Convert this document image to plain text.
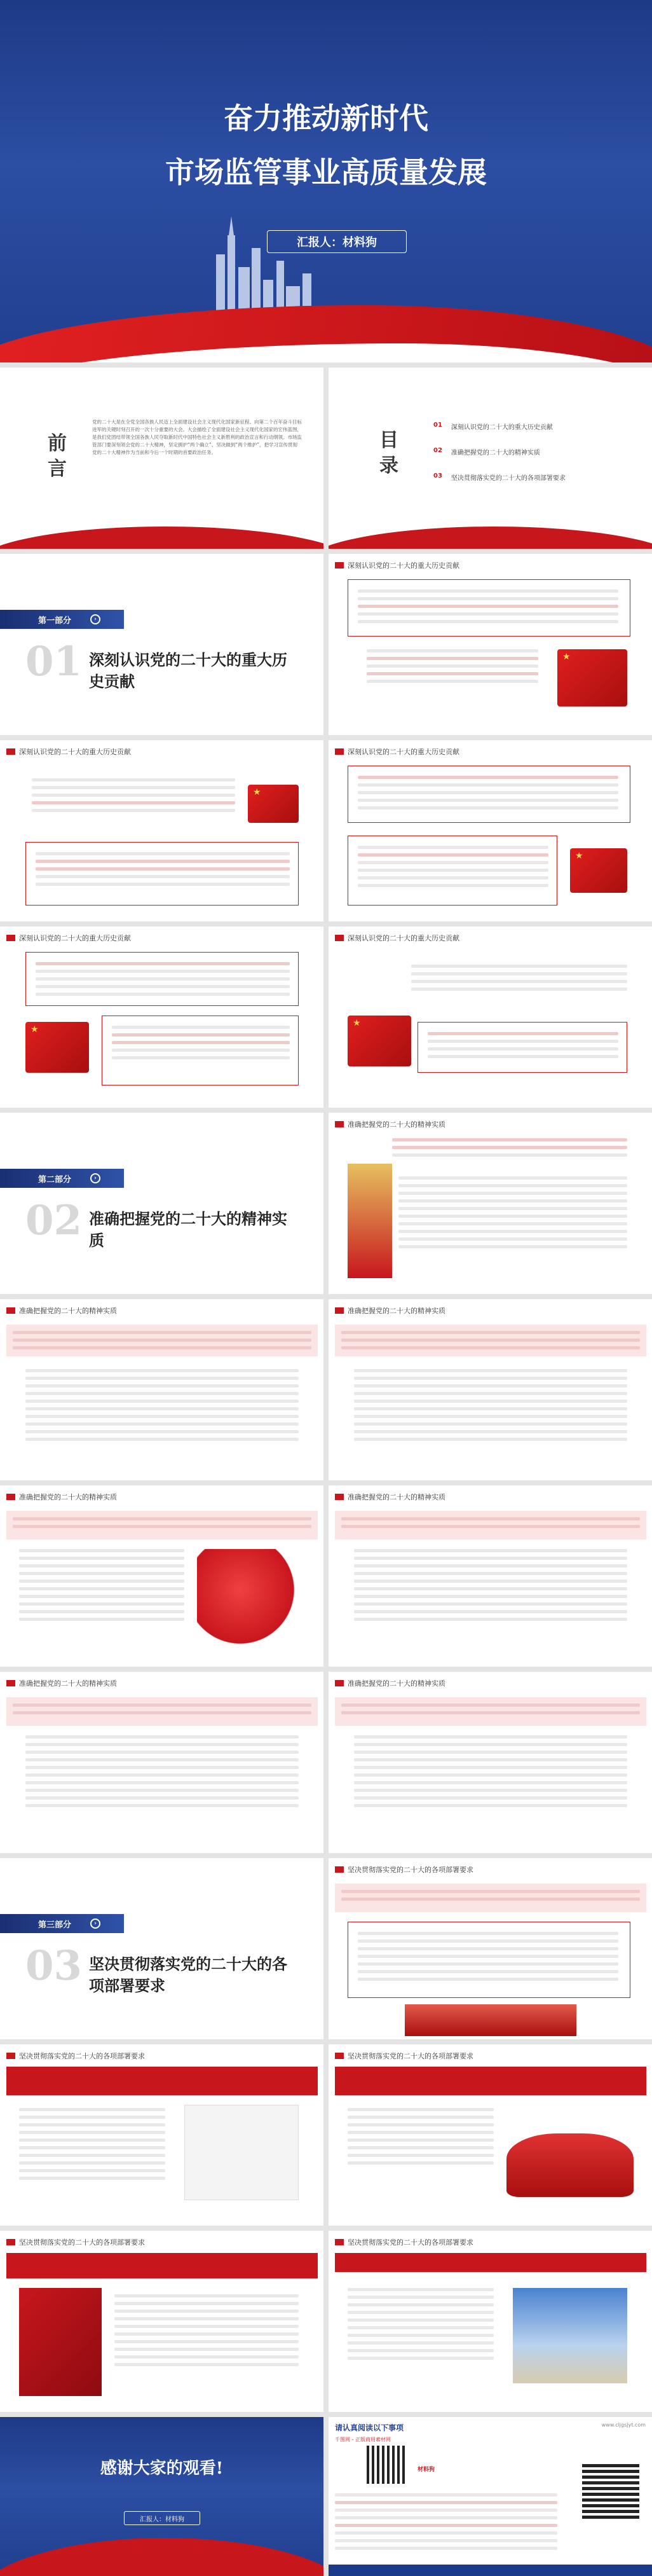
奋力推动新时代
市场监管事业高质量发展
汇报人：材料狗
前言
党的二十大是在全党全国各族人民迈上全面建设社会主义现代化国家新征程、向第二个百年奋斗目标进军的关键时刻召开的一次十分重要的大会。大会描绘了全面建设社会主义现代化国家的宏伟蓝图，是我们党团结带领全国各族人民夺取新时代中国特色社会主义新胜利的政治宣言和行动纲领。市场监管部门要深刻领会党的二十大精神，坚定拥护“两个确立”、坚决做到“两个维护”，把学习宣传贯彻党的二十大精神作为当前和今后一个时期的首要政治任务。
目录
01 深刻认识党的二十大的重大历史贡献
02 准确把握党的二十大的精神实质
03 坚决贯彻落实党的二十大的各项部署要求
第一部分	›
01 深刻认识党的二十大的重大历史贡献
深刻认识党的二十大的重大历史贡献
★
深刻认识党的二十大的重大历史贡献
★	深刻认识党的二十大的重大历史贡献
★
深刻认识党的二十大的重大历史贡献
★	深刻认识党的二十大的重大历史贡献
★
第二部分	›
02 准确把握党的二十大的精神实质
准确把握党的二十大的精神实质
准确把握党的二十大的精神实质	准确把握党的二十大的精神实质
准确把握党的二十大的精神实质	准确把握党的二十大的精神实质
准确把握党的二十大的精神实质	准确把握党的二十大的精神实质
第三部分	›
03 坚决贯彻落实党的二十大的各项部署要求
坚决贯彻落实党的二十大的各项部署要求
坚决贯彻落实党的二十大的各项部署要求	坚决贯彻落实党的二十大的各项部署要求
坚决贯彻落实党的二十大的各项部署要求	坚决贯彻落实党的二十大的各项部署要求
感谢大家的观看!
汇报人：材料狗
请认真阅读以下事项
千图网 - 正版商用素材网
www.cljgsjyt.com
材料狗
